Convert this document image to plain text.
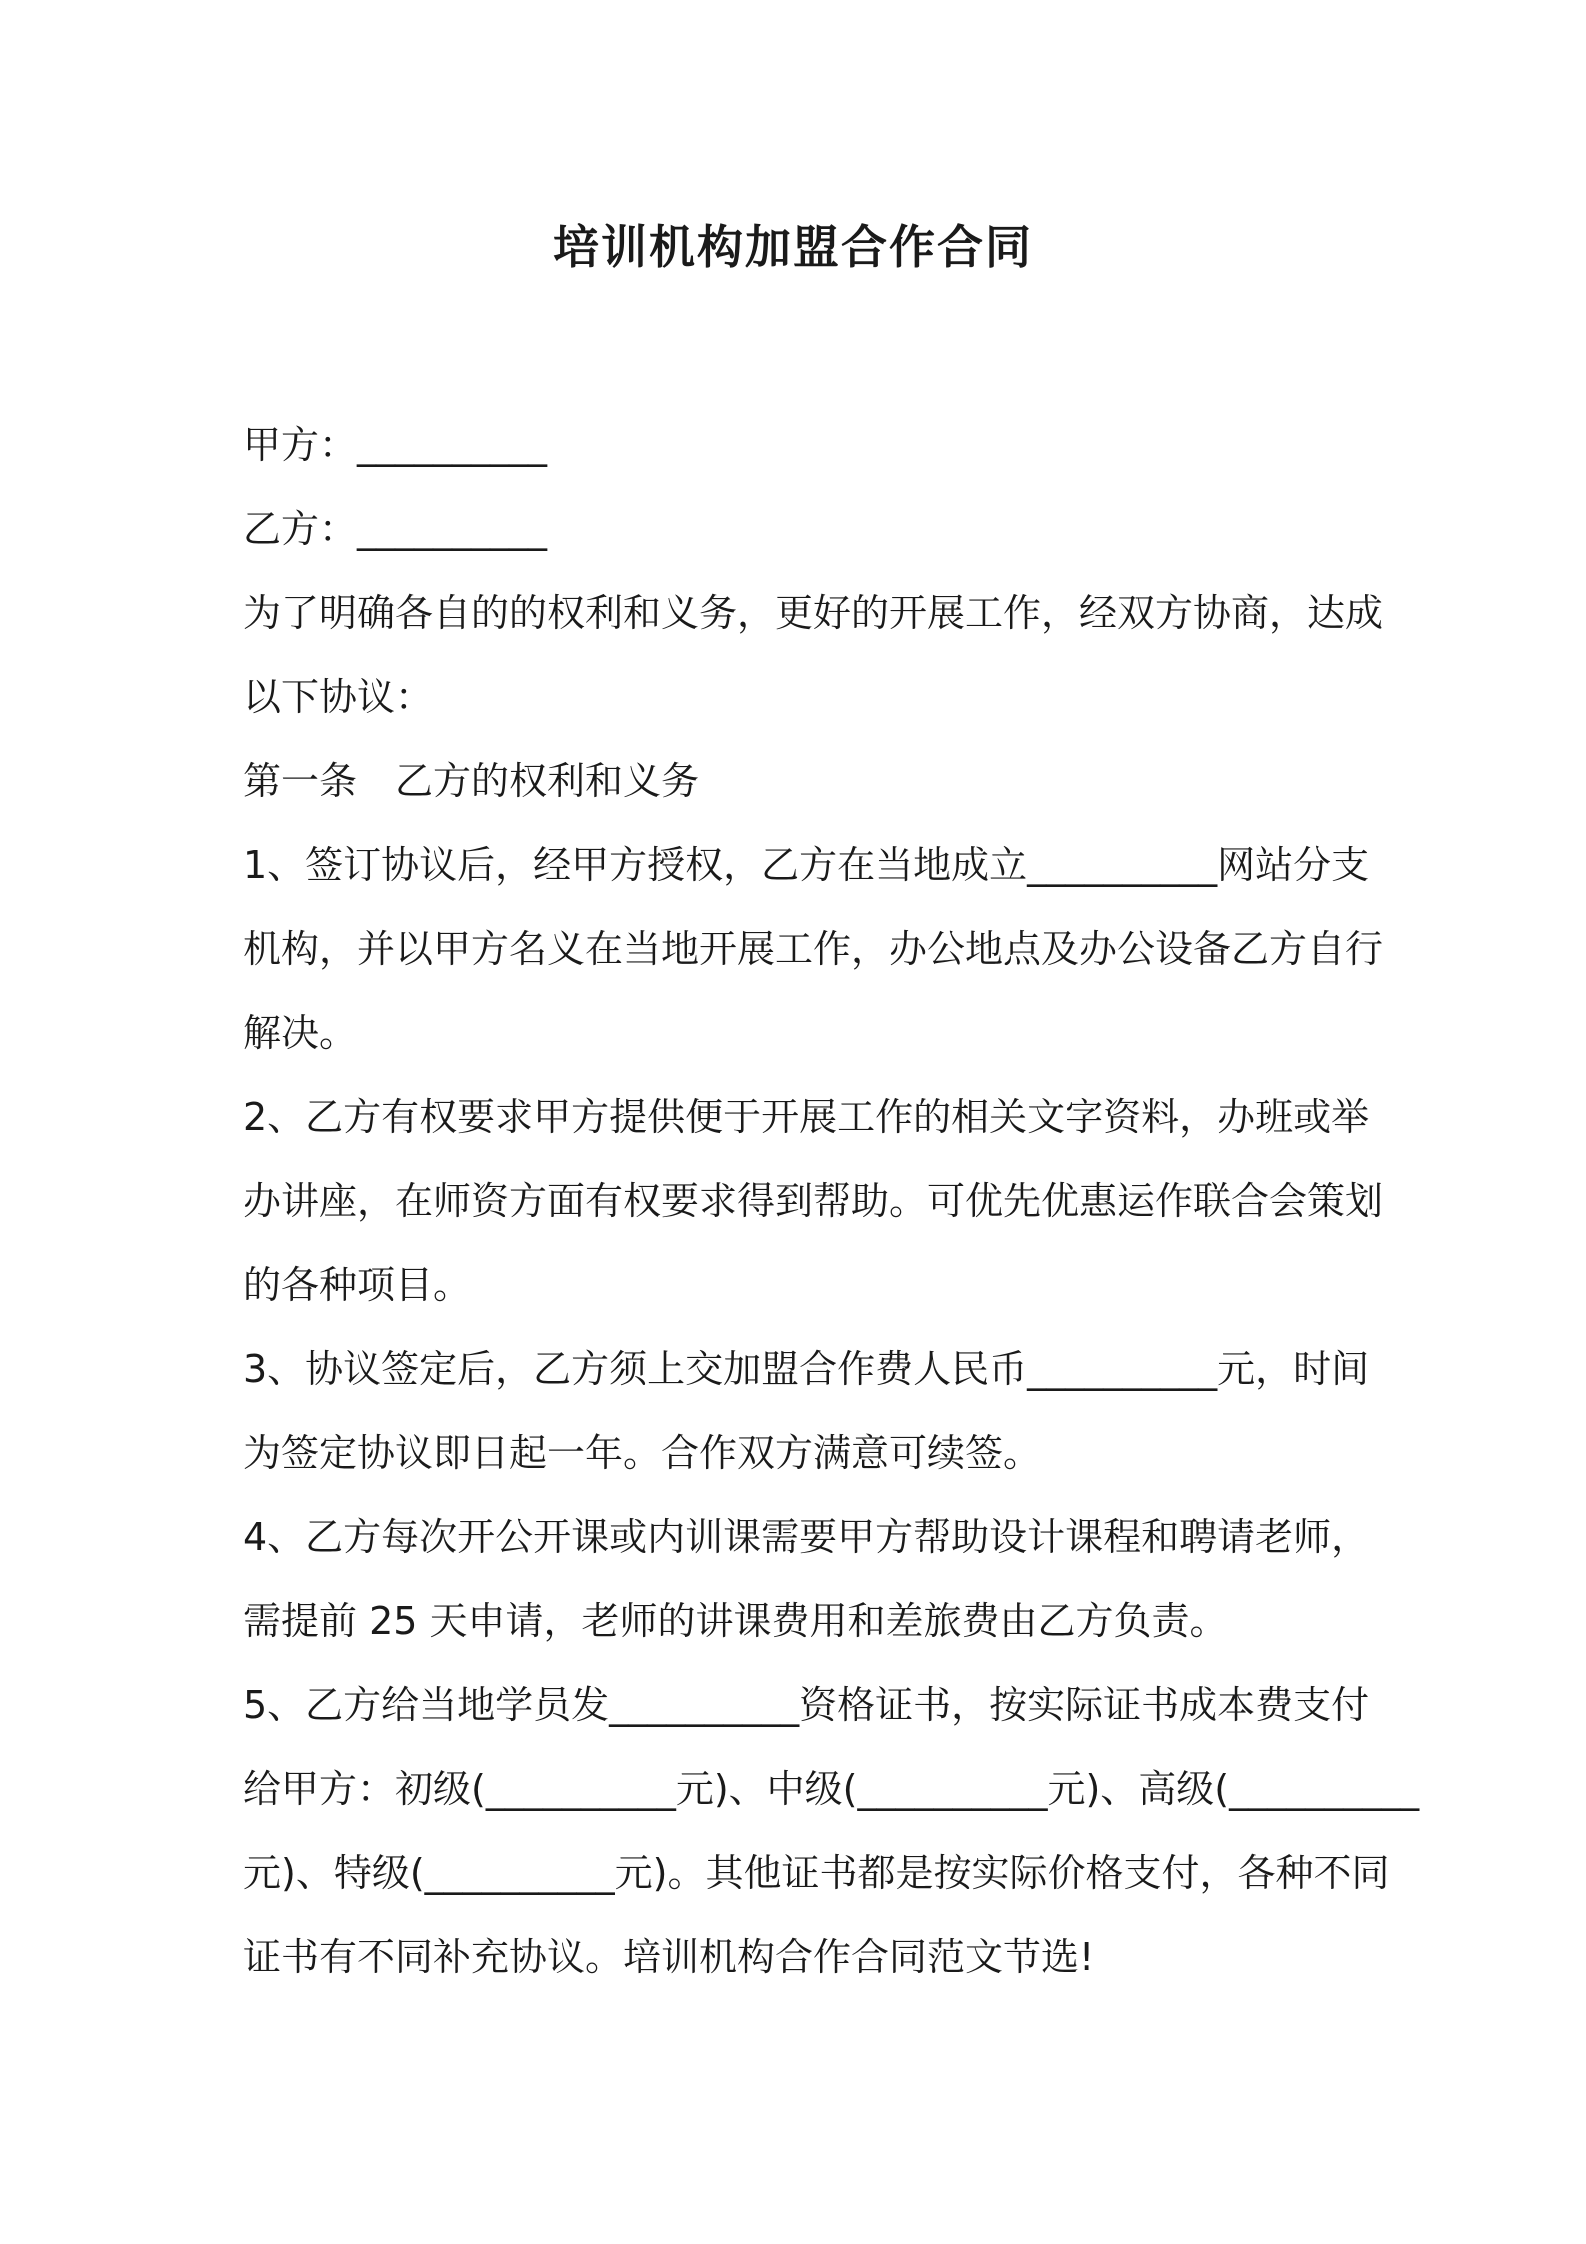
培训机构加盟合作合同

甲方：__________

乙方：__________

为了明确各自的的权利和义务，更好的开展工作，经双方协商，达成

以下协议：

第一条　乙方的权利和义务

1、签订协议后，经甲方授权，乙方在当地成立__________网站分支

机构，并以甲方名义在当地开展工作，办公地点及办公设备乙方自行

解决。

2、乙方有权要求甲方提供便于开展工作的相关文字资料，办班或举

办讲座，在师资方面有权要求得到帮助。可优先优惠运作联合会策划

的各种项目。

3、协议签定后，乙方须上交加盟合作费人民币__________元，时间

为签定协议即日起一年。合作双方满意可续签。

4、乙方每次开公开课或内训课需要甲方帮助设计课程和聘请老师，

需提前 25 天申请，老师的讲课费用和差旅费由乙方负责。

5、乙方给当地学员发__________资格证书，按实际证书成本费支付

给甲方：初级(__________元)、中级(__________元)、高级(__________

元)、特级(__________元)。其他证书都是按实际价格支付，各种不同

证书有不同补充协议。培训机构合作合同范文节选!
